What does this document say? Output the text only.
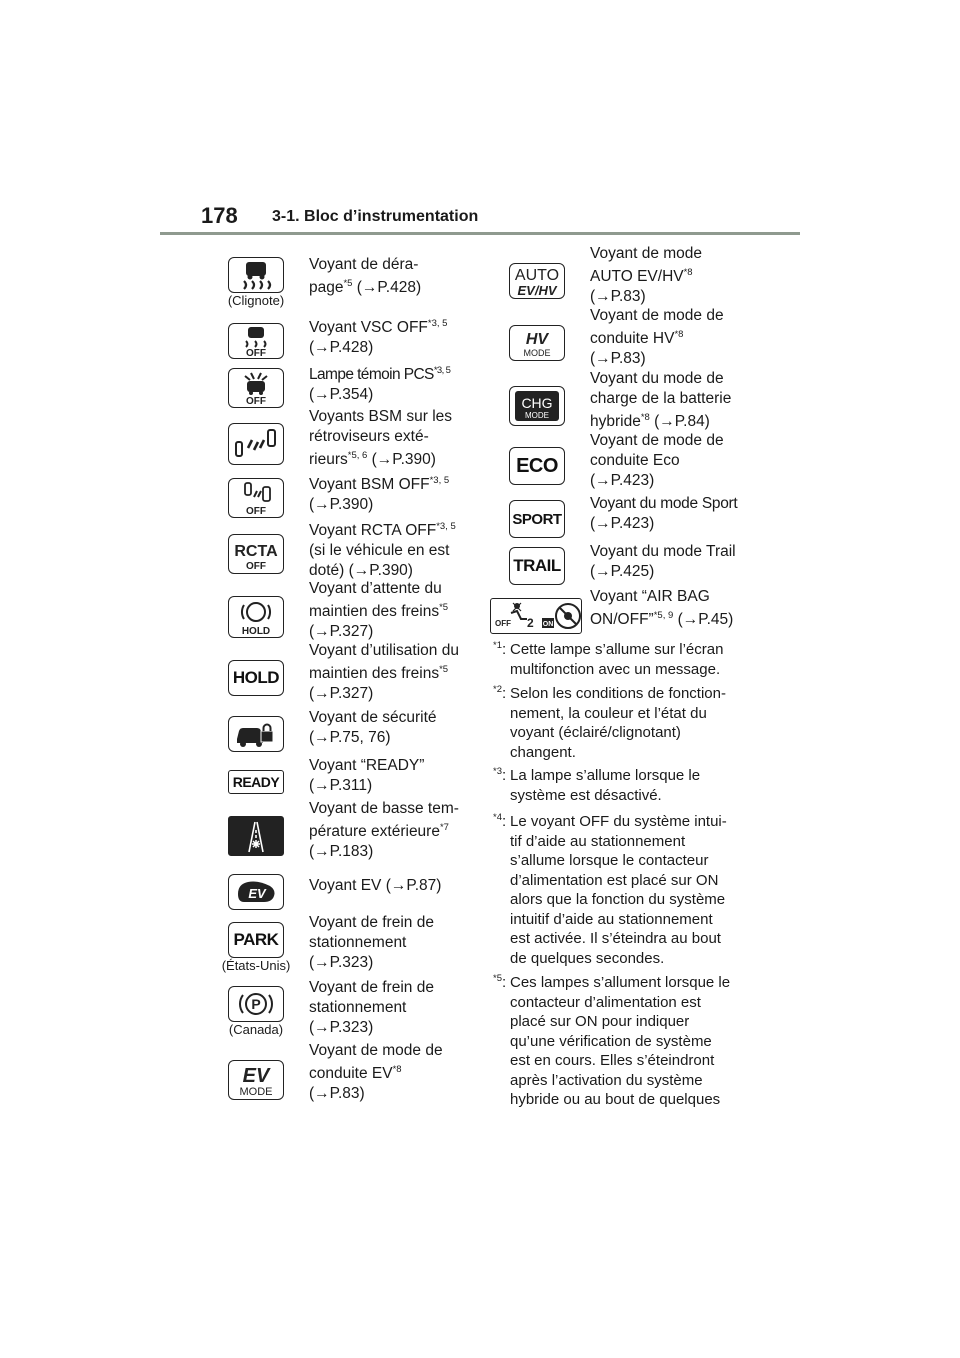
178 3-1. Bloc d’instrumentation
(Clignote)
OFF
OFF
OFF
RCTA
OFF
HOLD
HOLD
READY
EV
PARK
(États-Unis)
P
(Canada)
EV
MODE
Voyant de déra-
page$^{*5}$ (→P.428)
Voyant VSC OFF$^{*3, 5}$
(→P.428)
Lampe témoin PCS$^{*3, 5}$
(→P.354)
Voyants BSM sur les
rétroviseurs exté-
rieurs$^{*5, 6}$ (→P.390)
Voyant BSM OFF$^{*3, 5}$
(→P.390)
Voyant RCTA OFF$^{*3, 5}$
(si le véhicule en est
doté) (→P.390)
Voyant d’attente du
maintien des freins$^{*5}$
(→P.327)
Voyant d’utilisation du
maintien des freins$^{*5}$
(→P.327)
Voyant de sécurité
(→P.75, 76)
Voyant “READY”
(→P.311)
Voyant de basse tem-
pérature extérieure$^{*7}$
(→P.183)
Voyant EV (→P.87)
Voyant de frein de
stationnement
(→P.323)
Voyant de frein de
stationnement
(→P.323)
Voyant de mode de
conduite EV$^{*8}$
(→P.83)
AUTO
EV/HV
HV
MODE
CHG
MODE
ECO
SPORT
TRAIL
OFF 2 ON
Voyant de mode
AUTO EV/HV$^{*8}$
(→P.83)
Voyant de mode de
conduite HV$^{*8}$
(→P.83)
Voyant du mode de
charge de la batterie
hybride$^{*8}$ (→P.84)
Voyant de mode de
conduite Eco
(→P.423)
Voyant du mode Sport
(→P.423)
Voyant du mode Trail
(→P.425)
Voyant “AIR BAG
ON/OFF”$^{*5, 9}$ (→P.45)
$^{*1}$: Cette lampe s’allume sur l’écran
multifonction avec un message.
$^{*2}$: Selon les conditions de fonction-
nement, la couleur et l’état du
voyant (éclairé/clignotant)
changent.
$^{*3}$: La lampe s’allume lorsque le
système est désactivé.
$^{*4}$: Le voyant OFF du système intui-
tif d’aide au stationnement
s’allume lorsque le contacteur
d’alimentation est placé sur ON
alors que la fonction du système
intuitif d’aide au stationnement
est activée. Il s’éteindra au bout
de quelques secondes.
$^{*5}$: Ces lampes s’allument lorsque le
contacteur d’alimentation est
placé sur ON pour indiquer
qu’une vérification de système
est en cours. Elles s’éteindront
après l’activation du système
hybride ou au bout de quelques
